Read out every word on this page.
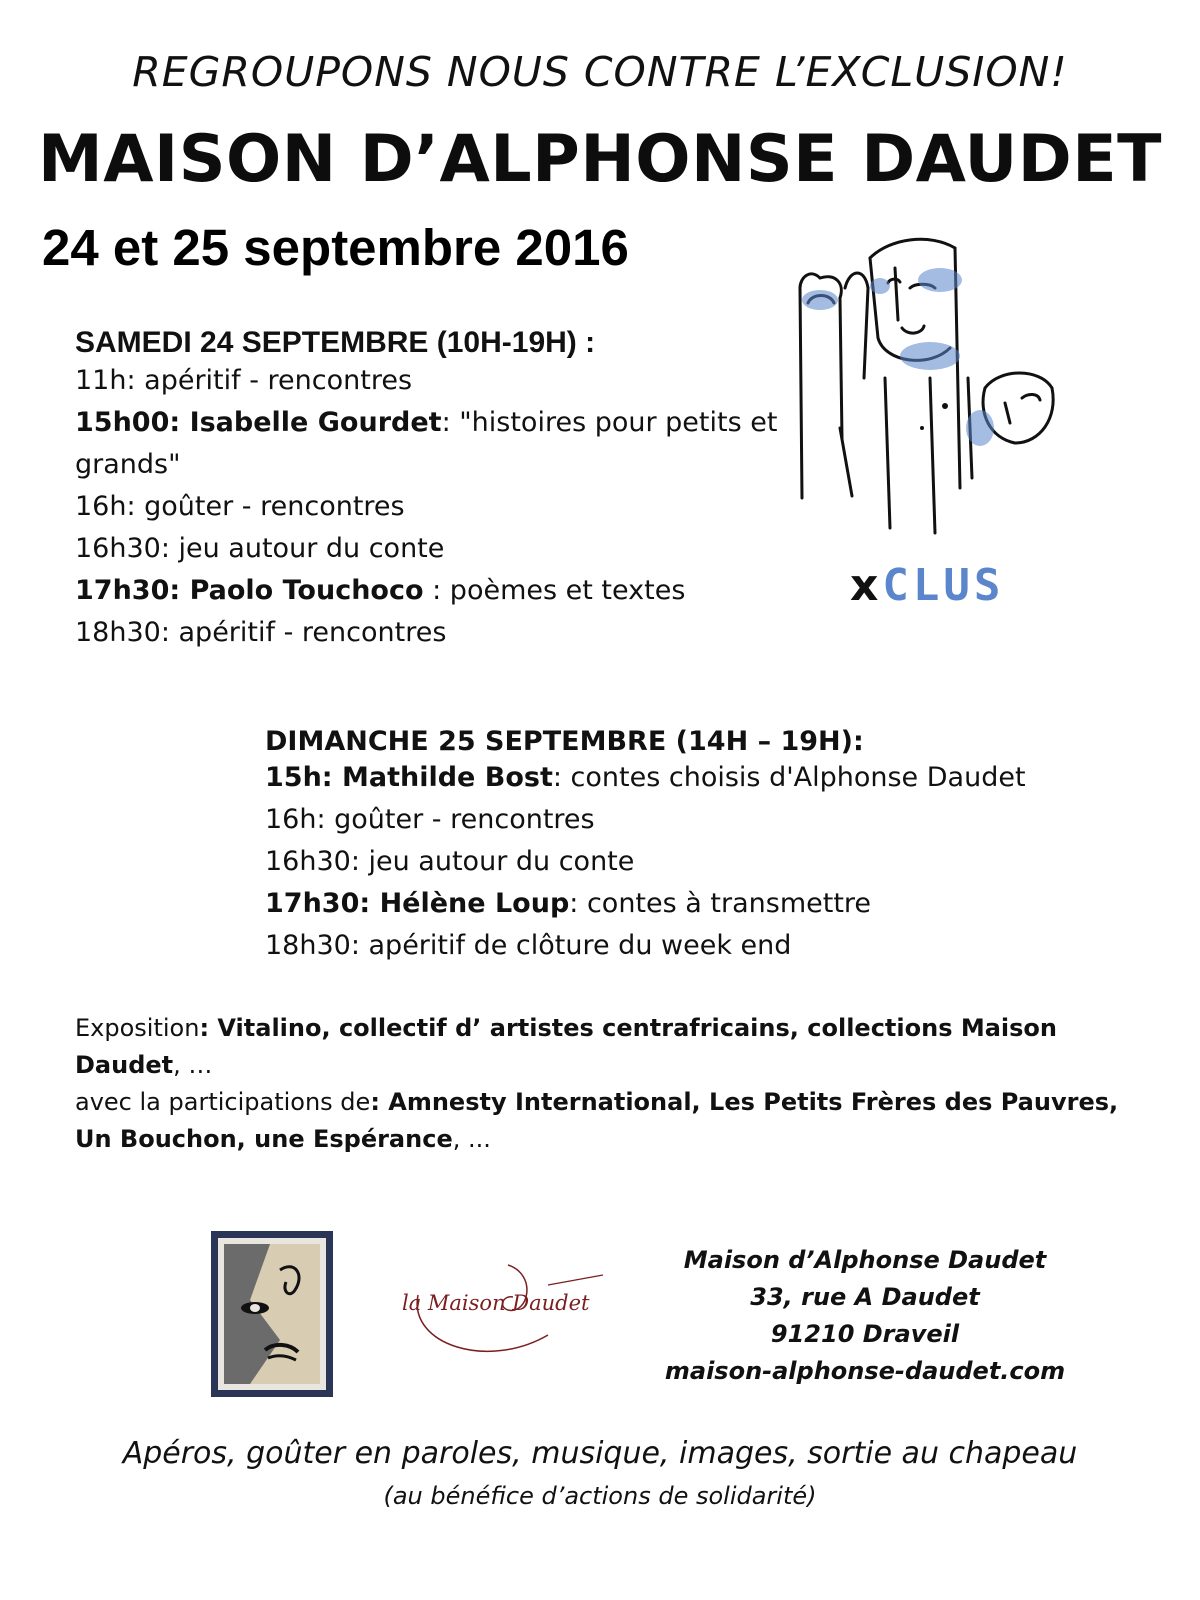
REGROUPONS NOUS CONTRE L’EXCLUSION!
MAISON D’ALPHONSE DAUDET
24 et 25 septembre 2016
xCLUS
SAMEDI 24 SEPTEMBRE (10H-19H) :
11h: apéritif - rencontres
15h00: Isabelle Gourdet: "histoires pour petits et grands"
16h: goûter - rencontres
16h30: jeu autour du conte
17h30: Paolo Touchoco : poèmes et textes
18h30: apéritif - rencontres
DIMANCHE 25 SEPTEMBRE (14H – 19H):
15h: Mathilde Bost: contes choisis d'Alphonse Daudet
16h: goûter - rencontres
16h30: jeu autour du conte
17h30: Hélène Loup: contes à transmettre
18h30: apéritif de clôture du week end
Exposition: Vitalino, collectif d’ artistes centrafricains, collections Maison Daudet, …
avec la participations de: Amnesty International, Les Petits Frères des Pauvres, Un Bouchon, une Espérance, ...
la Maison Daudet
Maison d’Alphonse Daudet
33, rue A Daudet
91210 Draveil
maison-alphonse-daudet.com
Apéros, goûter en paroles, musique, images, sortie au chapeau
(au bénéfice d’actions de solidarité)
